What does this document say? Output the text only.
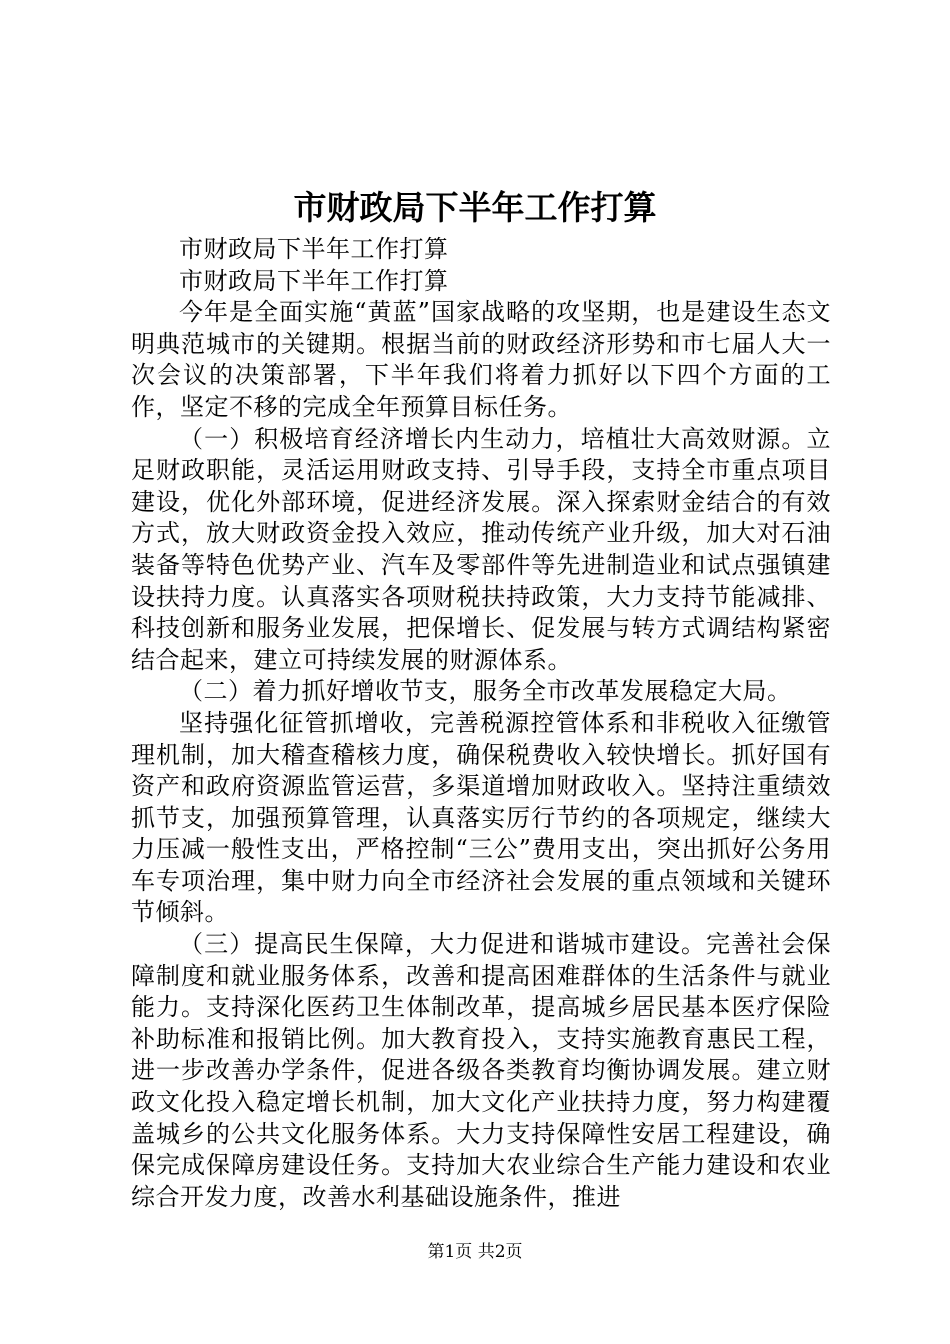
市财政局下半年工作打算

市财政局下半年工作打算

市财政局下半年工作打算

今年是全面实施“黄蓝”国家战略的攻坚期，也是建设生态文明典范城市的关键期。根据当前的财政经济形势和市七届人大一次会议的决策部署，下半年我们将着力抓好以下四个方面的工作，坚定不移的完成全年预算目标任务。

（一）积极培育经济增长内生动力，培植壮大高效财源。立足财政职能，灵活运用财政支持、引导手段，支持全市重点项目建设，优化外部环境，促进经济发展。深入探索财金结合的有效方式，放大财政资金投入效应，推动传统产业升级，加大对石油装备等特色优势产业、汽车及零部件等先进制造业和试点强镇建设扶持力度。认真落实各项财税扶持政策，大力支持节能减排、科技创新和服务业发展，把保增长、促发展与转方式调结构紧密结合起来，建立可持续发展的财源体系。

（二）着力抓好增收节支，服务全市改革发展稳定大局。

坚持强化征管抓增收，完善税源控管体系和非税收入征缴管理机制，加大稽查稽核力度，确保税费收入较快增长。抓好国有资产和政府资源监管运营，多渠道增加财政收入。坚持注重绩效抓节支，加强预算管理，认真落实厉行节约的各项规定，继续大力压减一般性支出，严格控制“三公”费用支出，突出抓好公务用车专项治理，集中财力向全市经济社会发展的重点领域和关键环节倾斜。

（三）提高民生保障，大力促进和谐城市建设。完善社会保障制度和就业服务体系，改善和提高困难群体的生活条件与就业能力。支持深化医药卫生体制改革，提高城乡居民基本医疗保险补助标准和报销比例。加大教育投入，支持实施教育惠民工程，进一步改善办学条件，促进各级各类教育均衡协调发展。建立财政文化投入稳定增长机制，加大文化产业扶持力度，努力构建覆盖城乡的公共文化服务体系。大力支持保障性安居工程建设，确保完成保障房建设任务。支持加大农业综合生产能力建设和农业综合开发力度，改善水利基础设施条件，推进

第1页 共2页
